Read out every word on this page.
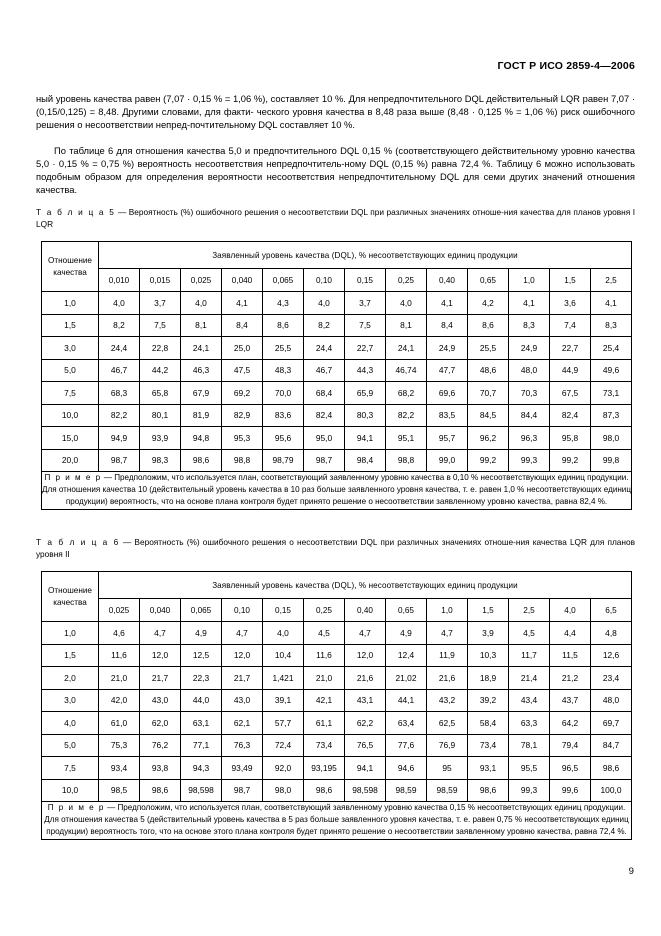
ГОСТ Р ИСО 2859-4—2006

ный уровень качества равен (7,07 · 0,15 % = 1,06 %), составляет 10 %. Для непредпочтительного DQL действительный LQR равен 7,07 · (0,15/0,125) = 8,48. Другими словами, для факти- ческого уровня качества в 8,48 раза выше (8,48 · 0,125 % = 1,06 %) риск ошибочного решения о несоответствии непред-почтительному DQL составляет 10 %.

По таблице 6 для отношения качества 5,0 и предпочтительного DQL 0,15 % (соответствующего действительному уровню качества 5,0 · 0,15 % = 0,75 %) вероятность несоответствия непредпочтитель-ному DQL (0,15 %) равна 72,4 %. Таблицу 6 можно использовать подобным образом для определения вероятности несоответствия непредпочтительному DQL для семи других значений отношения качества.

Т а б л и ц а 5 — Вероятность (%) ошибочного решения о несоответствии DQL при различных значениях отноше-ния качества для планов уровня I LQR
Отношение
качества	Заявленный уровень качества (DQL), % несоответствующих единиц продукции												
	0,010	0,015	0,025	0,040	0,065	0,10	0,15	0,25	0,40	0,65	1,0	1,5	2,5
1,0	4,0	3,7	4,0	4,1	4,3	4,0	3,7	4,0	4,1	4,2	4,1	3,6	4,1
1,5	8,2	7,5	8,1	8,4	8,6	8,2	7,5	8,1	8,4	8,6	8,3	7,4	8,3
3,0	24,4	22,8	24,1	25,0	25,5	24,4	22,7	24,1	24,9	25,5	24,9	22,7	25,4
5,0	46,7	44,2	46,3	47,5	48,3	46,7	44,3	46,74	47,7	48,6	48,0	44,9	49,6
7,5	68,3	65,8	67,9	69,2	70,0	68,4	65,9	68,2	69,6	70,7	70,3	67,5	73,1
10,0	82,2	80,1	81,9	82,9	83,6	82,4	80,3	82,2	83,5	84,5	84,4	82,4	87,3
15,0	94,9	93,9	94,8	95,3	95,6	95,0	94,1	95,1	95,7	96,2	96,3	95,8	98,0
20,0	98,7	98,3	98,6	98,8	98,79	98,7	98,4	98,8	99,0	99,2	99,3	99,2	99,8
П р и м е р — Предположим, что используется план, соответствующий заявленному уровню качества в 0,10 % несоответствующих единиц продукции. Для отношения качества 10 (действительный уровень качества в 10 раз больше заявленного уровня качества, т. е. равен 1,0 % несоответствующих единиц продукции) вероятность, что на основе плана контроля будет принято решение о несоответствии заявленному уровню качества, равна 82,4 %.													
Т а б л и ц а 6 — Вероятность (%) ошибочного решения о несоответствии DQL при различных значениях отноше-ния качества LQR для планов уровня II
Отношение
качества	Заявленный уровень качества (DQL), % несоответствующих единиц продукции												
	0,025	0,040	0,065	0,10	0,15	0,25	0,40	0,65	1,0	1,5	2,5	4,0	6,5
1,0	4,6	4,7	4,9	4,7	4,0	4,5	4,7	4,9	4,7	3,9	4,5	4,4	4,8
1,5	11,6	12,0	12,5	12,0	10,4	11,6	12,0	12,4	11,9	10,3	11,7	11,5	12,6
2,0	21,0	21,7	22,3	21,7	1,421	21,0	21,6	21,02	21,6	18,9	21,4	21,2	23,4
3,0	42,0	43,0	44,0	43,0	39,1	42,1	43,1	44,1	43,2	39,2	43,4	43,7	48,0
4,0	61,0	62,0	63,1	62,1	57,7	61,1	62,2	63,4	62,5	58,4	63,3	64,2	69,7
5,0	75,3	76,2	77,1	76,3	72,4	73,4	76,5	77,6	76,9	73,4	78,1	79,4	84,7
7,5	93,4	93,8	94,3	93,49	92,0	93,195	94,1	94,6	95	93,1	95,5	96,5	98,6
10,0	98,5	98,6	98,598	98,7	98,0	98,6	98,598	98,59	98,59	98,6	99,3	99,6	100,0
П р и м е р — Предположим, что используется план, соответствующий заявленному уровню качества 0,15 % несоответствующих единиц продукции. Для отношения качества 5 (действительный уровень качества в 5 раз больше заявленного уровня качества, т. е. равен 0,75 % несоответствующих единиц продукции) вероятность того, что на основе этого плана контроля будет принято решение о несоответствии заявленному уровню качества, равна 72,4 %.													
9
